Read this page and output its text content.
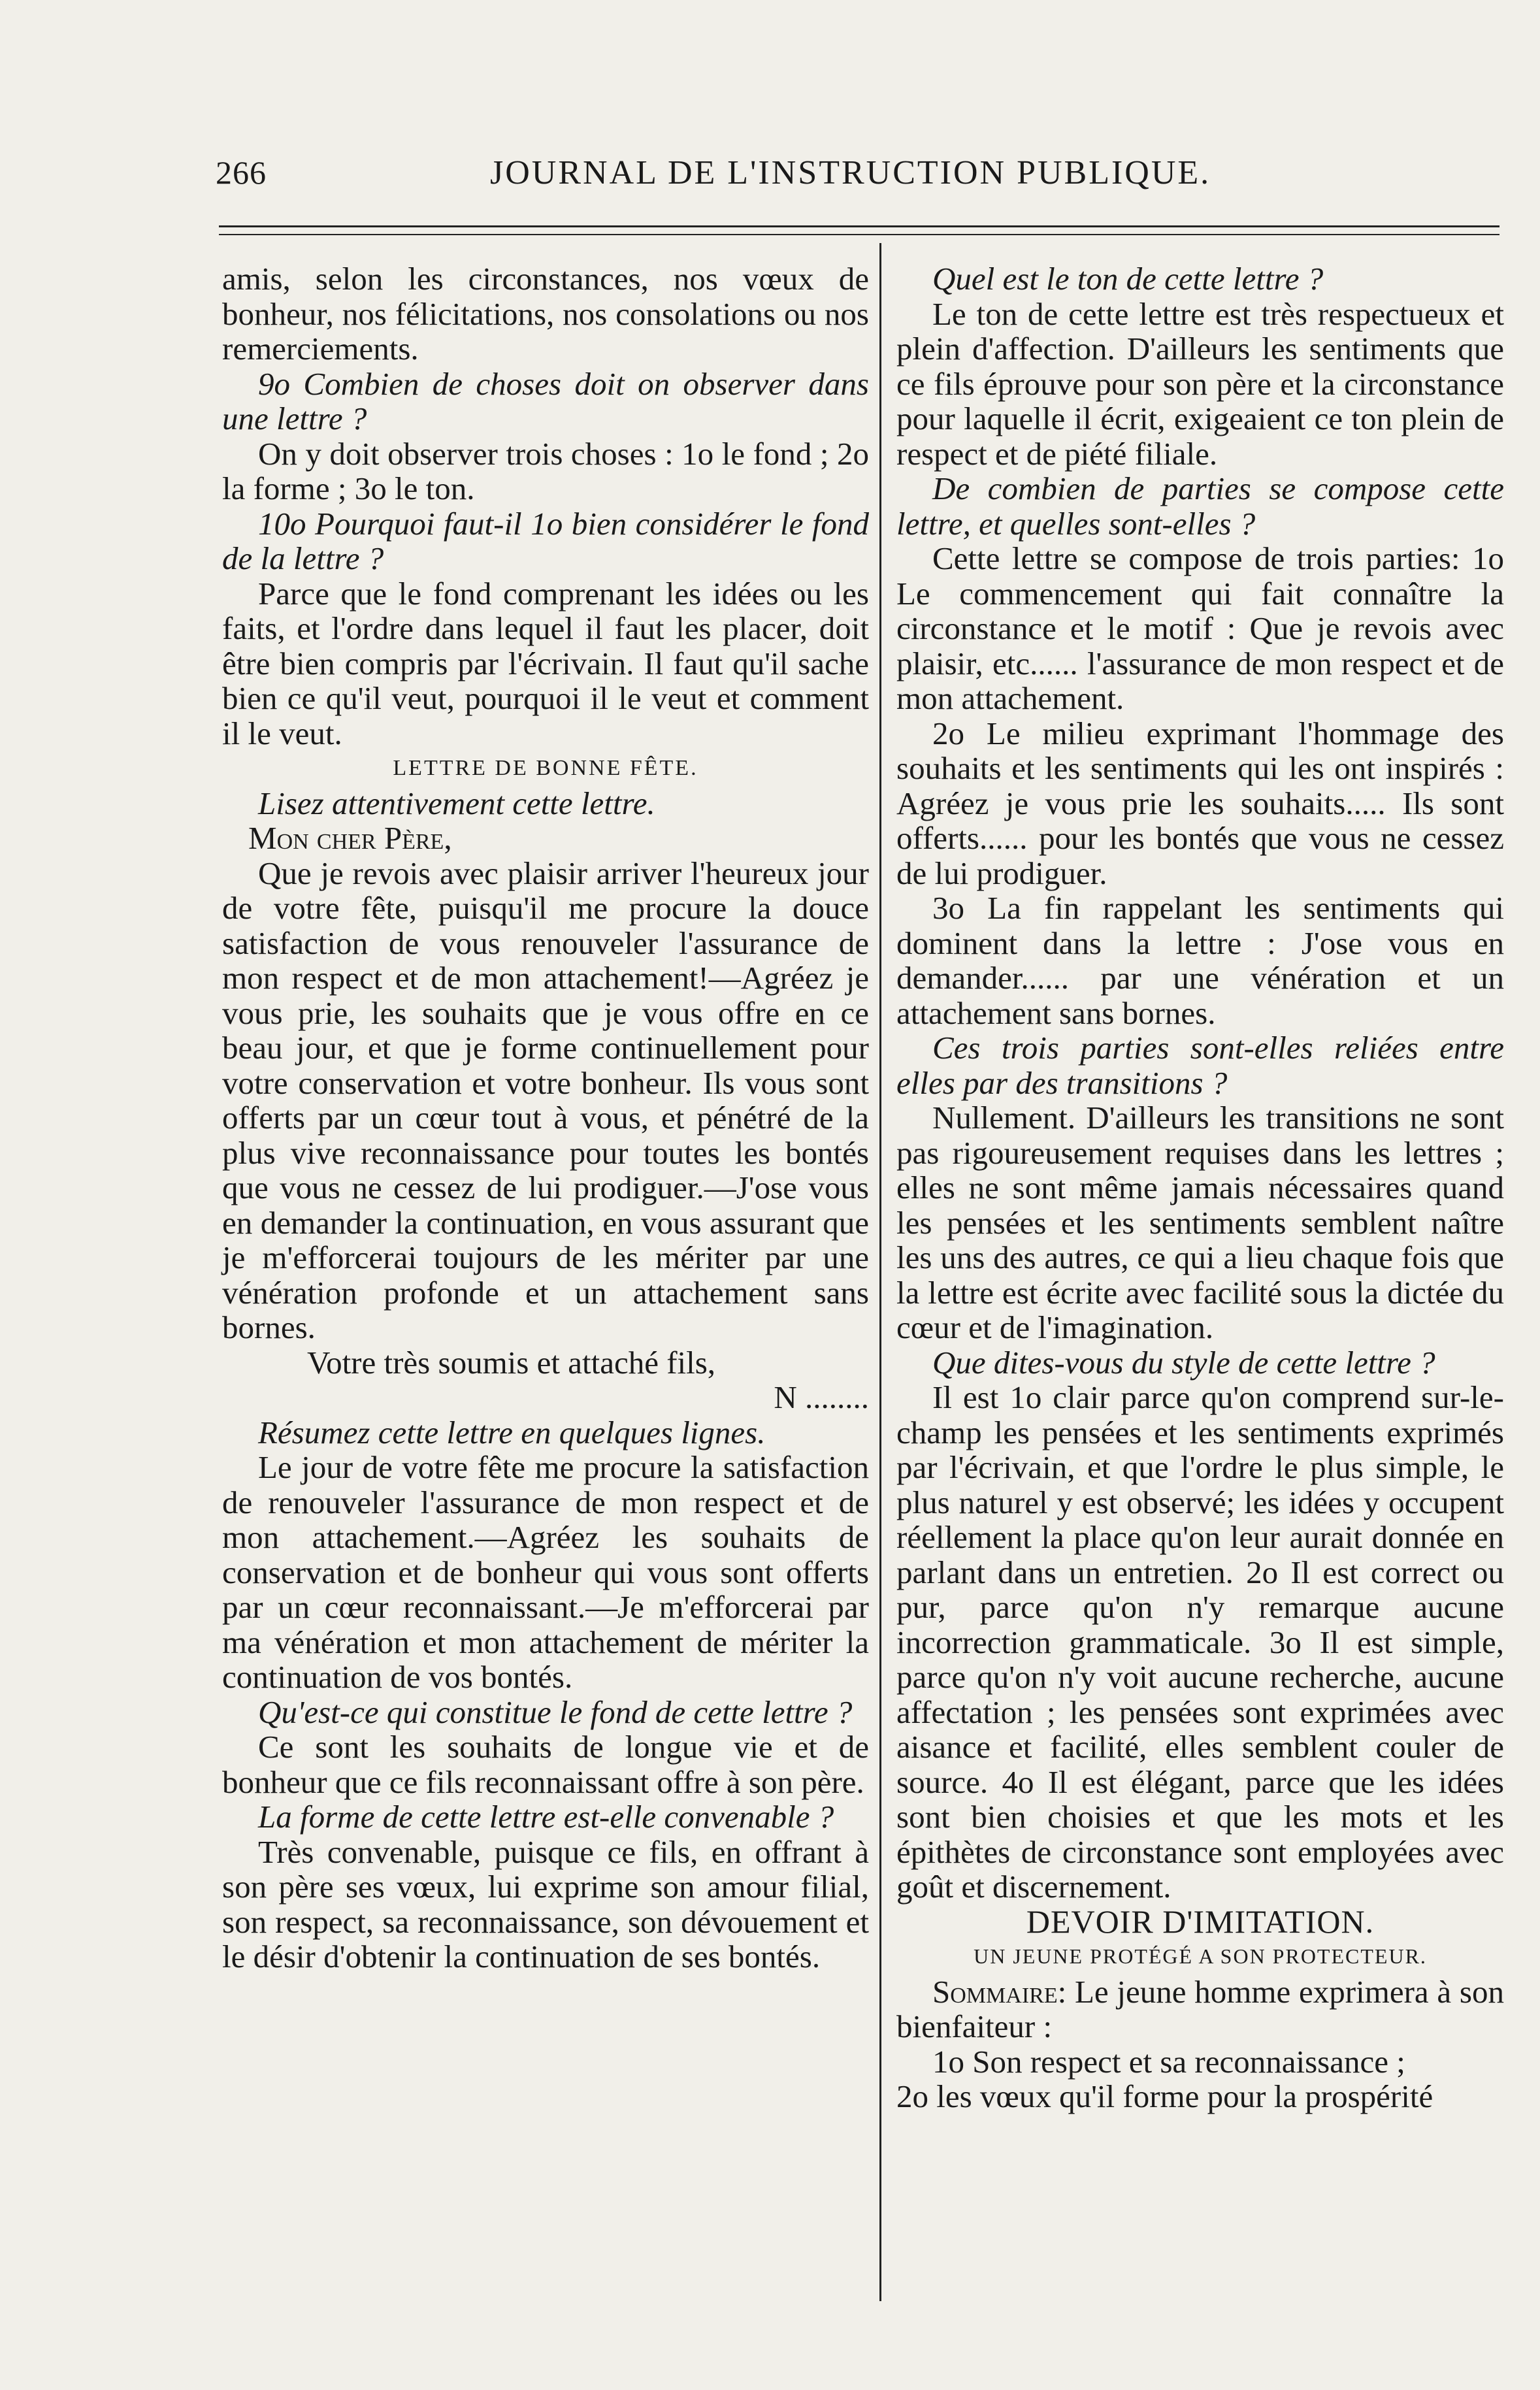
266	JOURNAL DE L'INSTRUCTION PUBLIQUE.

amis, selon les circonstances, nos vœux de bonheur, nos félicitations, nos consolations ou nos remerciements.

9o Combien de choses doit on observer dans une lettre ?

On y doit observer trois choses : 1o le fond ; 2o la forme ; 3o le ton.

10o Pourquoi faut-il 1o bien considérer le fond de la lettre ?

Parce que le fond comprenant les idées ou les faits, et l'ordre dans lequel il faut les placer, doit être bien compris par l'écrivain. Il faut qu'il sache bien ce qu'il veut, pourquoi il le veut et comment il le veut.

LETTRE DE BONNE FÊTE.

Lisez attentivement cette lettre.

Mon cher Père,

Que je revois avec plaisir arriver l'heureux jour de votre fête, puisqu'il me procure la douce satisfaction de vous renouveler l'assurance de mon respect et de mon attachement!—Agréez je vous prie, les souhaits que je vous offre en ce beau jour, et que je forme continuellement pour votre conservation et votre bonheur. Ils vous sont offerts par un cœur tout à vous, et pénétré de la plus vive reconnaissance pour toutes les bontés que vous ne cessez de lui prodiguer.—J'ose vous en demander la continuation, en vous assurant que je m'efforcerai toujours de les mériter par une vénération profonde et un attachement sans bornes.

Votre très soumis et attaché fils,

N ........

Résumez cette lettre en quelques lignes.

Le jour de votre fête me procure la satisfaction de renouveler l'assurance de mon respect et de mon attachement.—Agréez les souhaits de conservation et de bonheur qui vous sont offerts par un cœur reconnaissant.—Je m'efforcerai par ma vénération et mon attachement de mériter la continuation de vos bontés.

Qu'est-ce qui constitue le fond de cette lettre ?

Ce sont les souhaits de longue vie et de bonheur que ce fils reconnaissant offre à son père.

La forme de cette lettre est-elle convenable ?

Très convenable, puisque ce fils, en offrant à son père ses vœux, lui exprime son amour filial, son respect, sa reconnaissance, son dévouement et le désir d'obtenir la continuation de ses bontés.

Quel est le ton de cette lettre ?

Le ton de cette lettre est très respectueux et plein d'affection. D'ailleurs les sentiments que ce fils éprouve pour son père et la circonstance pour laquelle il écrit, exigeaient ce ton plein de respect et de piété filiale.

De combien de parties se compose cette lettre, et quelles sont-elles ?

Cette lettre se compose de trois parties: 1o Le commencement qui fait connaître la circonstance et le motif : Que je revois avec plaisir, etc...... l'assurance de mon respect et de mon attachement.

2o Le milieu exprimant l'hommage des souhaits et les sentiments qui les ont inspirés : Agréez je vous prie les souhaits..... Ils sont offerts...... pour les bontés que vous ne cessez de lui prodiguer.

3o La fin rappelant les sentiments qui dominent dans la lettre : J'ose vous en demander...... par une vénération et un attachement sans bornes.

Ces trois parties sont-elles reliées entre elles par des transitions ?

Nullement. D'ailleurs les transitions ne sont pas rigoureusement requises dans les lettres ; elles ne sont même jamais nécessaires quand les pensées et les sentiments semblent naître les uns des autres, ce qui a lieu chaque fois que la lettre est écrite avec facilité sous la dictée du cœur et de l'imagination.

Que dites-vous du style de cette lettre ?

Il est 1o clair parce qu'on comprend sur-le-champ les pensées et les sentiments exprimés par l'écrivain, et que l'ordre le plus simple, le plus naturel y est observé; les idées y occupent réellement la place qu'on leur aurait donnée en parlant dans un entretien. 2o Il est correct ou pur, parce qu'on n'y remarque aucune incorrection grammaticale. 3o Il est simple, parce qu'on n'y voit aucune recherche, aucune affectation ; les pensées sont exprimées avec aisance et facilité, elles semblent couler de source. 4o Il est élégant, parce que les idées sont bien choisies et que les mots et les épithètes de circonstance sont employées avec goût et discernement.

DEVOIR D'IMITATION.

UN JEUNE PROTÉGÉ A SON PROTECTEUR.

Sommaire: Le jeune homme exprimera à son bienfaiteur :

1o Son respect et sa reconnaissance ;

2o les vœux qu'il forme pour la prospérité
